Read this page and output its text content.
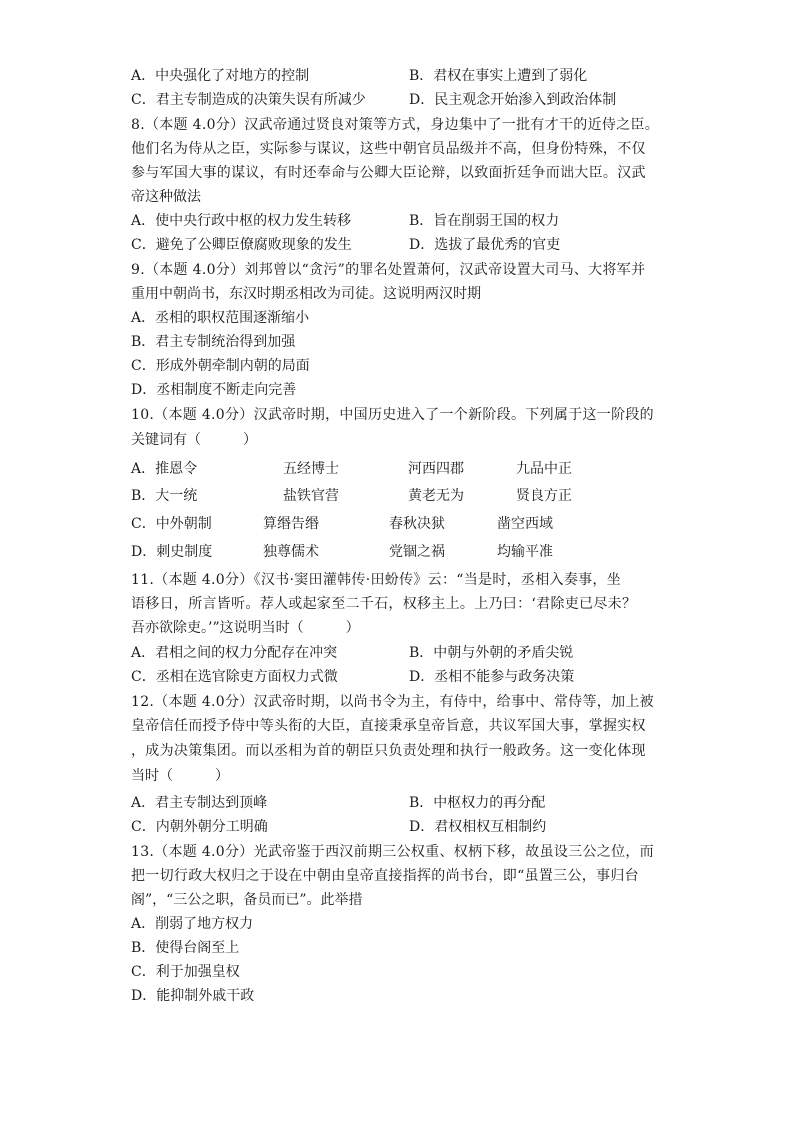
A．中央强化了对地方的控制	B．君权在事实上遭到了弱化
C．君主专制造成的决策失误有所减少	D．民主观念开始渗入到政治体制
8.（本题 4.0分）汉武帝通过贤良对策等方式，身边集中了一批有才干的近侍之臣。
他们名为侍从之臣，实际参与谋议，这些中朝官员品级并不高，但身份特殊，不仅
参与军国大事的谋议，有时还奉命与公卿大臣论辩，以致面折廷争而诎大臣。汉武
帝这种做法
A．使中央行政中枢的权力发生转移	B．旨在削弱王国的权力
C．避免了公卿臣僚腐败现象的发生	D．选拔了最优秀的官吏
9.（本题 4.0分）刘邦曾以“贪污”的罪名处置萧何，汉武帝设置大司马、大将军并
重用中朝尚书，东汉时期丞相改为司徒。这说明两汉时期
A．丞相的职权范围逐渐缩小
B．君主专制统治得到加强
C．形成外朝牵制内朝的局面
D．丞相制度不断走向完善
10.（本题 4.0分）汉武帝时期，中国历史进入了一个新阶段。下列属于这一阶段的
关键词有（　　　）
A．推恩令	五经博士	河西四郡	九品中正
B．大一统	盐铁官营	黄老无为	贤良方正
C．中外朝制	算缗告缗	春秋决狱	凿空西域
D．刺史制度	独尊儒术	党锢之祸	均输平准
11.（本题 4.0分）《汉书·窦田灌韩传·田蚡传》云：“当是时，丞相入奏事，坐
语移日，所言皆听。荐人或起家至二千石，权移主上。上乃曰：‘君除吏已尽未？
吾亦欲除吏。’”这说明当时（　　　）
A．君相之间的权力分配存在冲突	B．中朝与外朝的矛盾尖锐
C．丞相在选官除吏方面权力式微	D．丞相不能参与政务决策
12.（本题 4.0分）汉武帝时期，以尚书令为主，有侍中，给事中、常侍等，加上被
皇帝信任而授予侍中等头衔的大臣，直接秉承皇帝旨意，共议军国大事，掌握实权
，成为决策集团。而以丞相为首的朝臣只负责处理和执行一般政务。这一变化体现
当时（　　　）
A．君主专制达到顶峰	B．中枢权力的再分配
C．内朝外朝分工明确	D．君权相权互相制约
13.（本题 4.0分）光武帝鉴于西汉前期三公权重、权柄下移，故虽设三公之位，而
把一切行政大权归之于设在中朝由皇帝直接指挥的尚书台，即“虽置三公，事归台
阁”，“三公之职，备员而已”。此举措
A．削弱了地方权力
B．使得台阁至上
C．利于加强皇权
D．能抑制外戚干政
